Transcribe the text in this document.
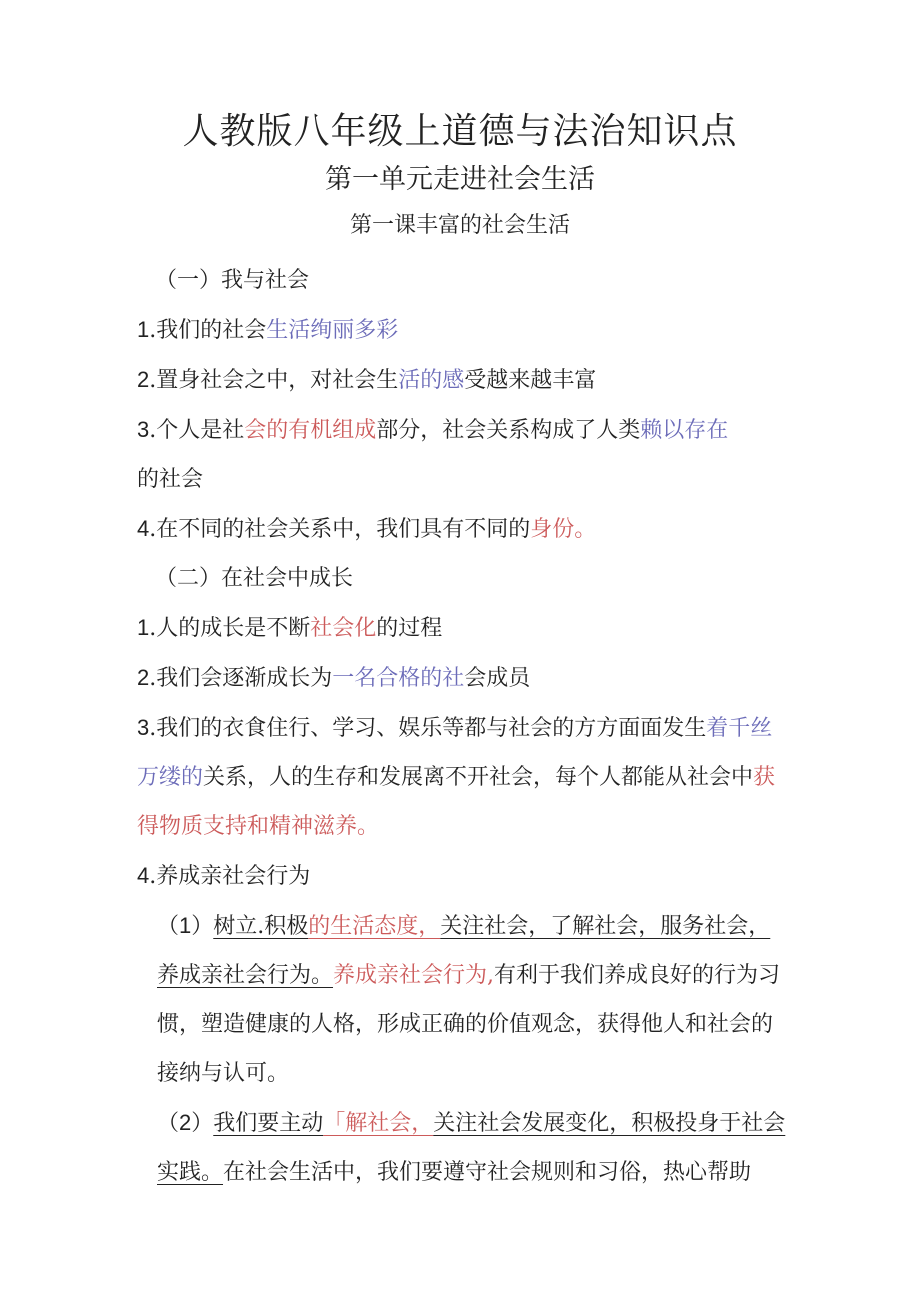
人教版八年级上道德与法治知识点
第一单元走进社会生活
第一课丰富的社会生活

（一）我与社会

1.我们的社会生活绚丽多彩

2.置身社会之中，对社会生活的感受越来越丰富

3.个人是社会的有机组成部分，社会关系构成了人类赖以存在
的社会

4.在不同的社会关系中，我们具有不同的身份。

（二）在社会中成长

1.人的成长是不断社会化的过程

2.我们会逐渐成长为一名合格的社会成员

3.我们的衣食住行、学习、娱乐等都与社会的方方面面发生着千丝万缕的关系，人的生存和发展离不开社会，每个人都能从社会中获得物质支持和精神滋养。

4.养成亲社会行为

（1）树立.积极的生活态度，关注社会，了解社会，服务社会，养成亲社会行为。养成亲社会行为,有利于我们养成良好的行为习惯，塑造健康的人格，形成正确的价值观念，获得他人和社会的接纳与认可。

（2）我们要主动「解社会，关注社会发展变化，积极投身于社会实践。在社会生活中，我们要遵守社会规则和习俗，热心帮助
